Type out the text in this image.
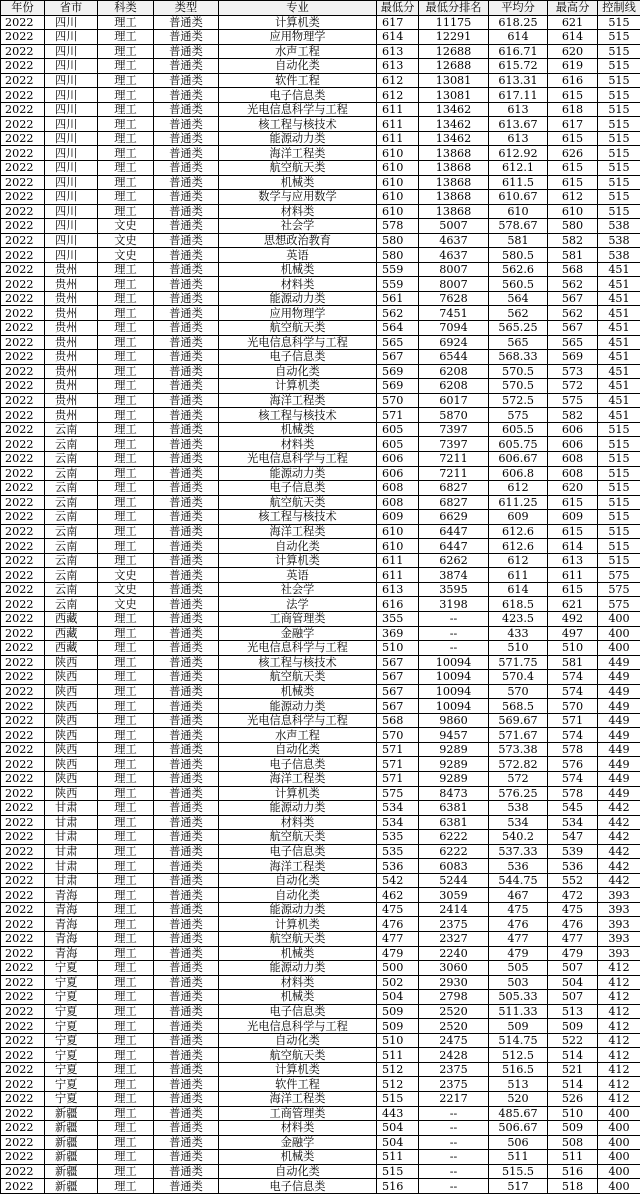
年份	省市	科类	类型	专业	最低分	最低分排名	平均分	最高分	控制线
2022	四川	理工	普通类	计算机类	617	11175	618.25	621	515
2022	四川	理工	普通类	应用物理学	614	12291	614	614	515
2022	四川	理工	普通类	水声工程	613	12688	616.71	620	515
2022	四川	理工	普通类	自动化类	613	12688	615.72	619	515
2022	四川	理工	普通类	软件工程	612	13081	613.31	616	515
2022	四川	理工	普通类	电子信息类	612	13081	617.11	615	515
2022	四川	理工	普通类	光电信息科学与工程	611	13462	613	618	515
2022	四川	理工	普通类	核工程与核技术	611	13462	613.67	617	515
2022	四川	理工	普通类	能源动力类	611	13462	613	615	515
2022	四川	理工	普通类	海洋工程类	610	13868	612.92	626	515
2022	四川	理工	普通类	航空航天类	610	13868	612.1	615	515
2022	四川	理工	普通类	机械类	610	13868	611.5	615	515
2022	四川	理工	普通类	数学与应用数学	610	13868	610.67	612	515
2022	四川	理工	普通类	材料类	610	13868	610	610	515
2022	四川	文史	普通类	社会学	578	5007	578.67	580	538
2022	四川	文史	普通类	思想政治教育	580	4637	581	582	538
2022	四川	文史	普通类	英语	580	4637	580.5	581	538
2022	贵州	理工	普通类	机械类	559	8007	562.6	568	451
2022	贵州	理工	普通类	材料类	559	8007	560.5	562	451
2022	贵州	理工	普通类	能源动力类	561	7628	564	567	451
2022	贵州	理工	普通类	应用物理学	562	7451	562	562	451
2022	贵州	理工	普通类	航空航天类	564	7094	565.25	567	451
2022	贵州	理工	普通类	光电信息科学与工程	565	6924	565	565	451
2022	贵州	理工	普通类	电子信息类	567	6544	568.33	569	451
2022	贵州	理工	普通类	自动化类	569	6208	570.5	573	451
2022	贵州	理工	普通类	计算机类	569	6208	570.5	572	451
2022	贵州	理工	普通类	海洋工程类	570	6017	572.5	575	451
2022	贵州	理工	普通类	核工程与核技术	571	5870	575	582	451
2022	云南	理工	普通类	机械类	605	7397	605.5	606	515
2022	云南	理工	普通类	材料类	605	7397	605.75	606	515
2022	云南	理工	普通类	光电信息科学与工程	606	7211	606.67	608	515
2022	云南	理工	普通类	能源动力类	606	7211	606.8	608	515
2022	云南	理工	普通类	电子信息类	608	6827	612	620	515
2022	云南	理工	普通类	航空航天类	608	6827	611.25	615	515
2022	云南	理工	普通类	核工程与核技术	609	6629	609	609	515
2022	云南	理工	普通类	海洋工程类	610	6447	612.6	615	515
2022	云南	理工	普通类	自动化类	610	6447	612.6	614	515
2022	云南	理工	普通类	计算机类	611	6262	612	613	515
2022	云南	文史	普通类	英语	611	3874	611	611	575
2022	云南	文史	普通类	社会学	613	3595	614	615	575
2022	云南	文史	普通类	法学	616	3198	618.5	621	575
2022	西藏	理工	普通类	工商管理类	355	--	423.5	492	400
2022	西藏	理工	普通类	金融学	369	--	433	497	400
2022	西藏	理工	普通类	光电信息科学与工程	510	--	510	510	400
2022	陕西	理工	普通类	核工程与核技术	567	10094	571.75	581	449
2022	陕西	理工	普通类	航空航天类	567	10094	570.4	574	449
2022	陕西	理工	普通类	机械类	567	10094	570	574	449
2022	陕西	理工	普通类	能源动力类	567	10094	568.5	570	449
2022	陕西	理工	普通类	光电信息科学与工程	568	9860	569.67	571	449
2022	陕西	理工	普通类	水声工程	570	9457	571.67	574	449
2022	陕西	理工	普通类	自动化类	571	9289	573.38	578	449
2022	陕西	理工	普通类	电子信息类	571	9289	572.82	576	449
2022	陕西	理工	普通类	海洋工程类	571	9289	572	574	449
2022	陕西	理工	普通类	计算机类	575	8473	576.25	578	449
2022	甘肃	理工	普通类	能源动力类	534	6381	538	545	442
2022	甘肃	理工	普通类	材料类	534	6381	534	534	442
2022	甘肃	理工	普通类	航空航天类	535	6222	540.2	547	442
2022	甘肃	理工	普通类	电子信息类	535	6222	537.33	539	442
2022	甘肃	理工	普通类	海洋工程类	536	6083	536	536	442
2022	甘肃	理工	普通类	自动化类	542	5244	544.75	552	442
2022	青海	理工	普通类	自动化类	462	3059	467	472	393
2022	青海	理工	普通类	能源动力类	475	2414	475	475	393
2022	青海	理工	普通类	计算机类	476	2375	476	476	393
2022	青海	理工	普通类	航空航天类	477	2327	477	477	393
2022	青海	理工	普通类	机械类	479	2240	479	479	393
2022	宁夏	理工	普通类	能源动力类	500	3060	505	507	412
2022	宁夏	理工	普通类	材料类	502	2930	503	504	412
2022	宁夏	理工	普通类	机械类	504	2798	505.33	507	412
2022	宁夏	理工	普通类	电子信息类	509	2520	511.33	513	412
2022	宁夏	理工	普通类	光电信息科学与工程	509	2520	509	509	412
2022	宁夏	理工	普通类	自动化类	510	2475	514.75	522	412
2022	宁夏	理工	普通类	航空航天类	511	2428	512.5	514	412
2022	宁夏	理工	普通类	计算机类	512	2375	516.5	521	412
2022	宁夏	理工	普通类	软件工程	512	2375	513	514	412
2022	宁夏	理工	普通类	海洋工程类	515	2217	520	526	412
2022	新疆	理工	普通类	工商管理类	443	--	485.67	510	400
2022	新疆	理工	普通类	材料类	504	--	506.67	509	400
2022	新疆	理工	普通类	金融学	504	--	506	508	400
2022	新疆	理工	普通类	机械类	511	--	511	511	400
2022	新疆	理工	普通类	自动化类	515	--	515.5	516	400
2022	新疆	理工	普通类	电子信息类	516	--	517	518	400
